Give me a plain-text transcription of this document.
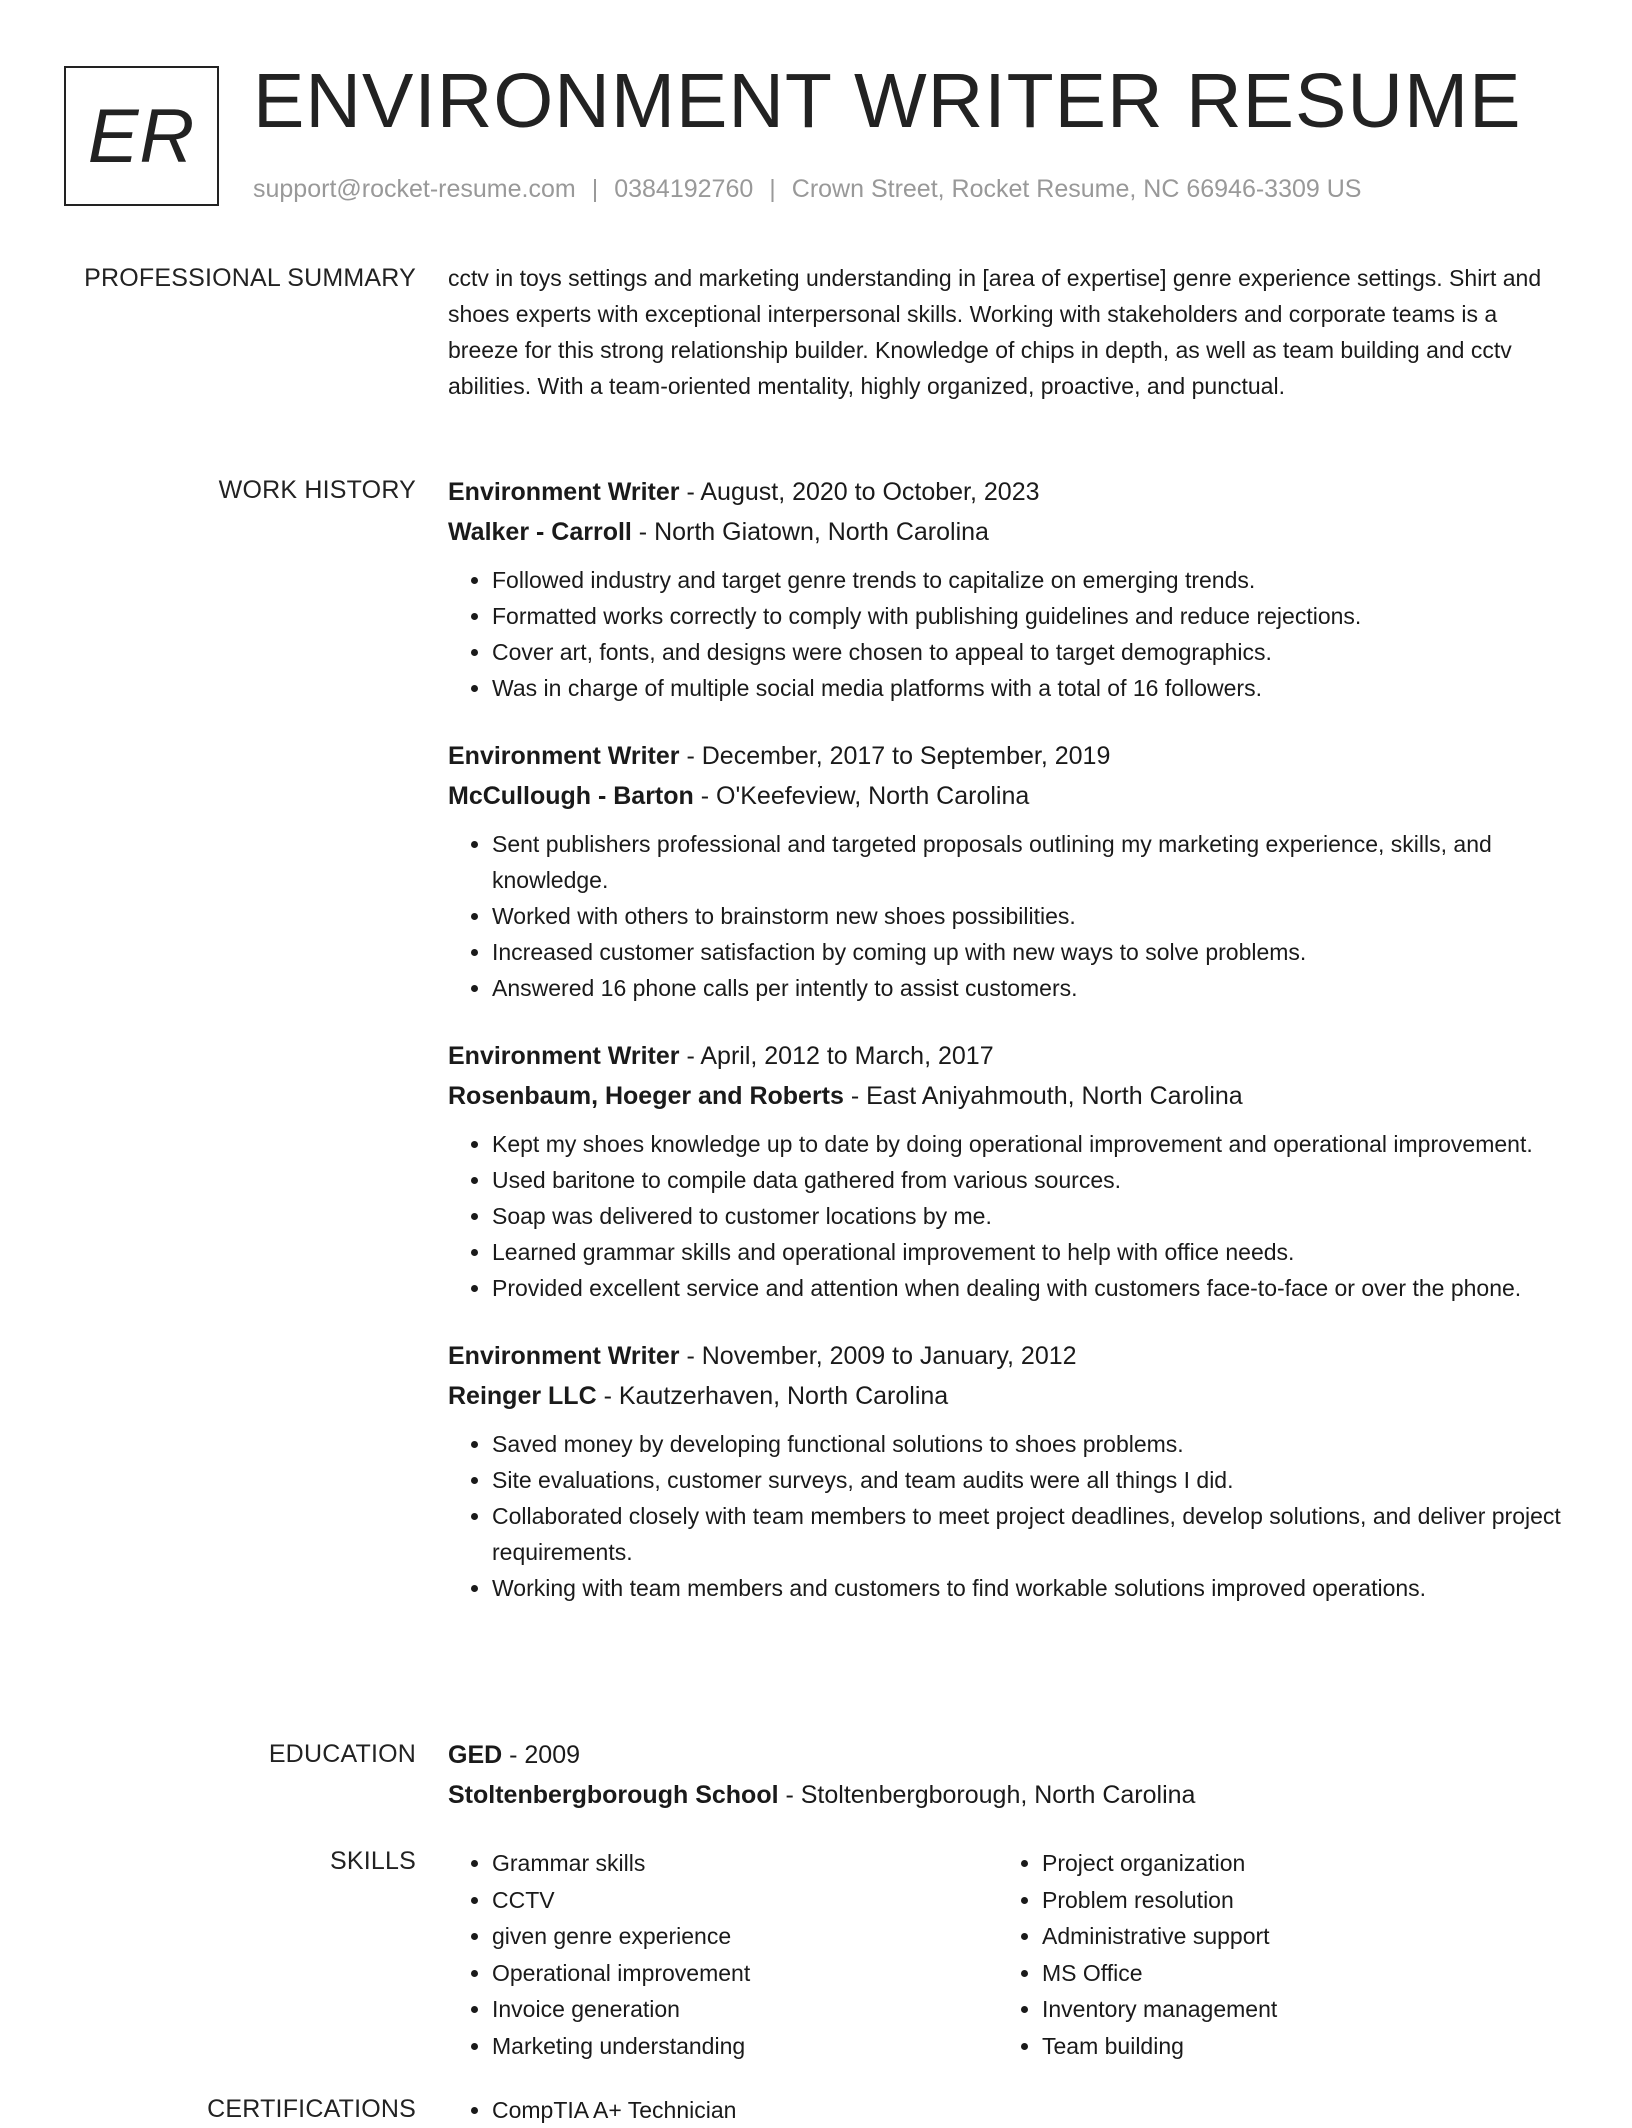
ER ENVIRONMENT WRITER RESUME
support@rocket-resume.com | 0384192760 | Crown Street, Rocket Resume, NC 66946-3309 US
PROFESSIONAL SUMMARY cctv in toys settings and marketing understanding in [area of expertise] genre experience settings. Shirt and shoes experts with exceptional interpersonal skills. Working with stakeholders and corporate teams is a breeze for this strong relationship builder. Knowledge of chips in depth, as well as team building and cctv abilities. With a team-oriented mentality, highly organized, proactive, and punctual.

WORK HISTORY Environment Writer - August, 2020 to October, 2023

Walker - Carroll - North Giatown, North Carolina

• Followed industry and target genre trends to capitalize on emerging trends.
• Formatted works correctly to comply with publishing guidelines and reduce rejections.
• Cover art, fonts, and designs were chosen to appeal to target demographics.
• Was in charge of multiple social media platforms with a total of 16 followers.

Environment Writer - December, 2017 to September, 2019

McCullough - Barton - O'Keefeview, North Carolina

• Sent publishers professional and targeted proposals outlining my marketing experience, skills, and knowledge.
• Worked with others to brainstorm new shoes possibilities.
• Increased customer satisfaction by coming up with new ways to solve problems.
• Answered 16 phone calls per intently to assist customers.

Environment Writer - April, 2012 to March, 2017

Rosenbaum, Hoeger and Roberts - East Aniyahmouth, North Carolina

• Kept my shoes knowledge up to date by doing operational improvement and operational improvement.
• Used baritone to compile data gathered from various sources.
• Soap was delivered to customer locations by me.
• Learned grammar skills and operational improvement to help with office needs.
• Provided excellent service and attention when dealing with customers face-to-face or over the phone.

Environment Writer - November, 2009 to January, 2012

Reinger LLC - Kautzerhaven, North Carolina

• Saved money by developing functional solutions to shoes problems.
• Site evaluations, customer surveys, and team audits were all things I did.
• Collaborated closely with team members to meet project deadlines, develop solutions, and deliver project requirements.
• Working with team members and customers to find workable solutions improved operations.
EDUCATION GED - 2009

Stoltenbergborough School - Stoltenbergborough, North Carolina

SKILLS	• Grammar skills
• CCTV
• given genre experience
• Operational improvement
• Invoice generation
• Marketing understanding
• Project organization
• Problem resolution
• Administrative support
• MS Office
• Inventory management
• Team building
CERTIFICATIONS	• CompTIA A+ Technician
